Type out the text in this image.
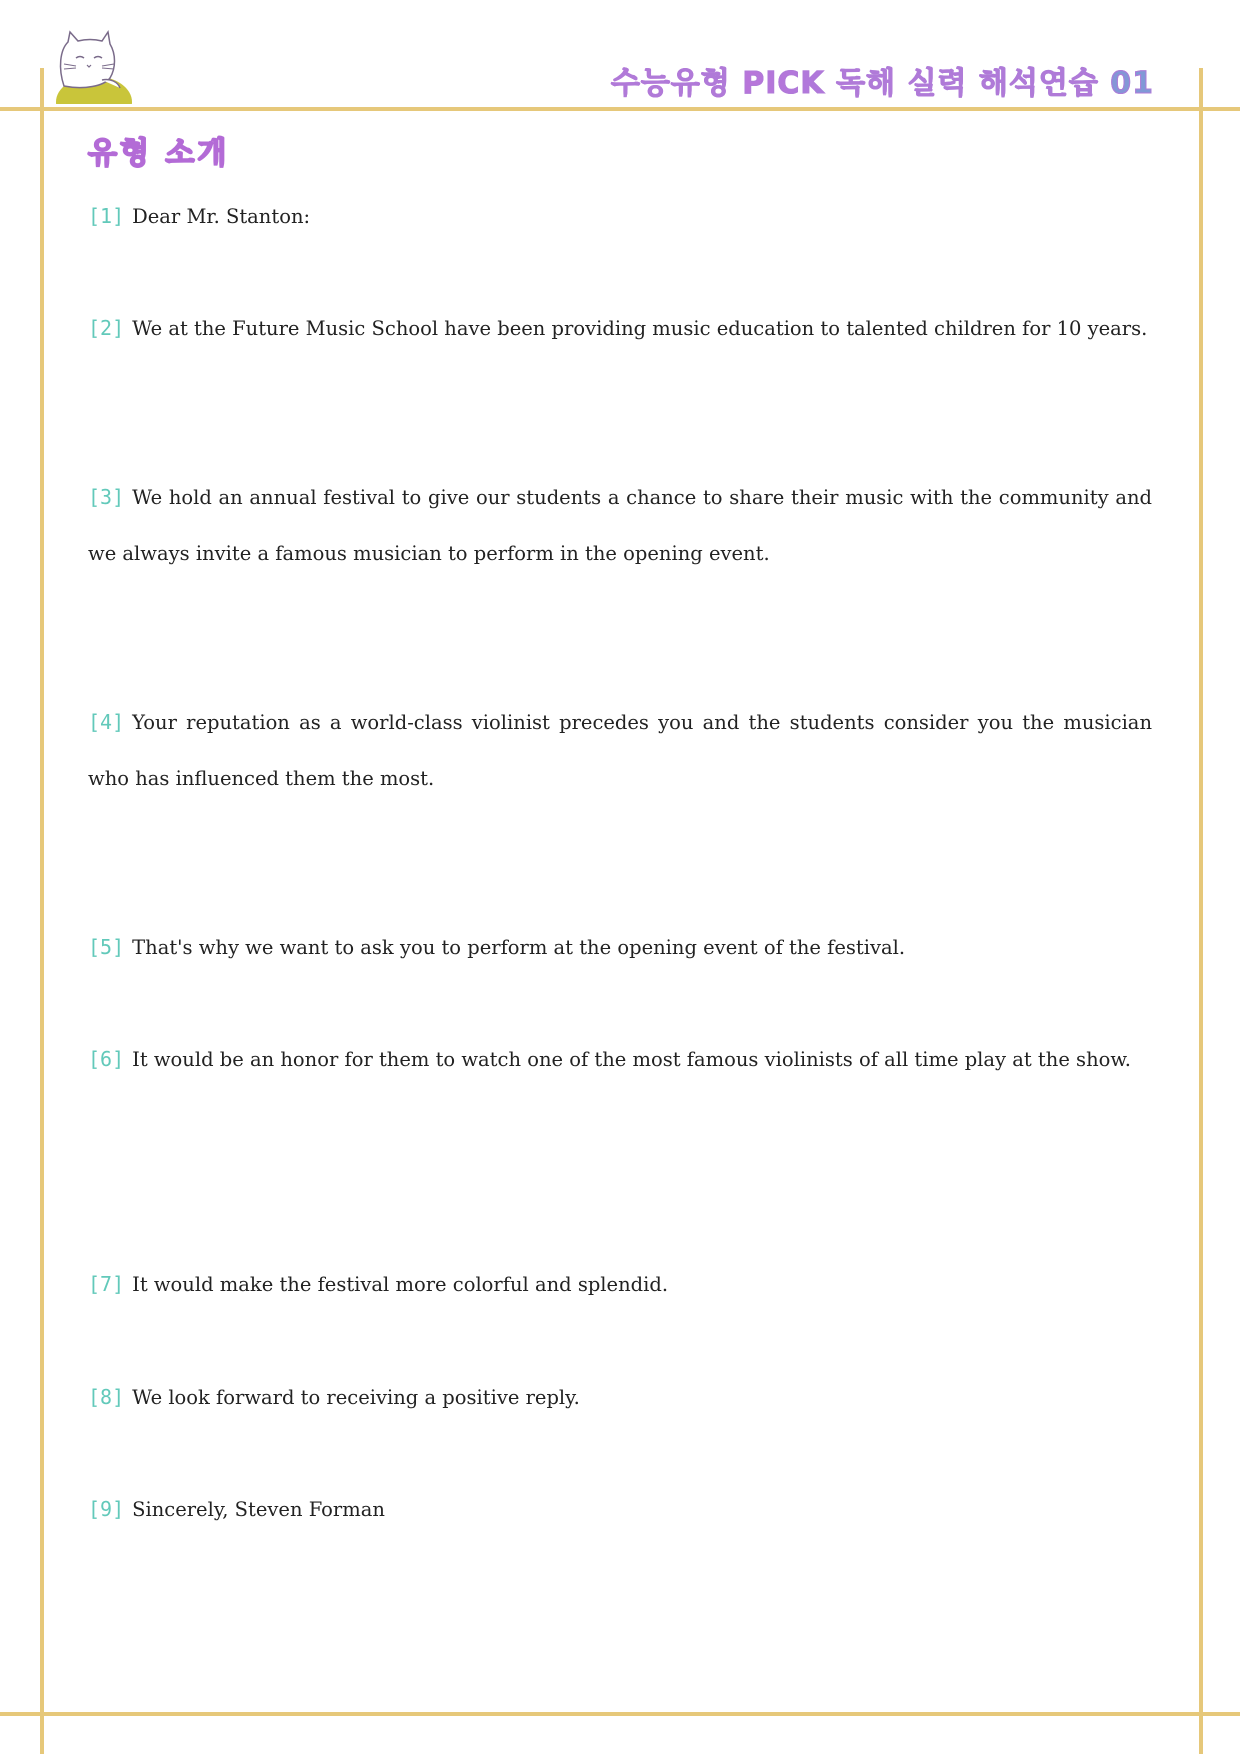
수능유형 PICK 독해 실력 해석연습 01
유형 소개
[1] Dear Mr. Stanton:
[2] We at the Future Music School have been providing music education to talented children for 10 years.
[3] We hold an annual festival to give our students a chance to share their music with the community and we always invite a famous musician to perform in the opening event.
[4] Your reputation as a world-class violinist precedes you and the students consider you the musician who has influenced them the most.
[5] That's why we want to ask you to perform at the opening event of the festival.
[6] It would be an honor for them to watch one of the most famous violinists of all time play at the show.
[7] It would make the festival more colorful and splendid.
[8] We look forward to receiving a positive reply.
[9] Sincerely, Steven Forman
